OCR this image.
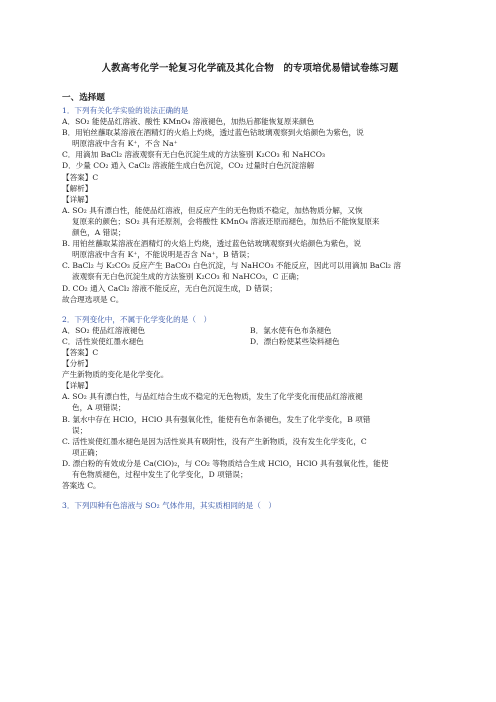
人教高考化学一轮复习化学硫及其化合物　的专项培优易错试卷练习题
一、选择题
1．下列有关化学实验的说法正确的是
A．SO₂ 能使品红溶液、酸性 KMnO₄ 溶液褪色，加热后都能恢复原来颜色
B．用铂丝蘸取某溶液在酒精灯的火焰上灼烧，透过蓝色钴玻璃观察到火焰颜色为紫色，说
明原溶液中含有 K⁺，不含 Na⁺
C．用滴加 BaCl₂ 溶液观察有无白色沉淀生成的方法鉴别 K₂CO₃ 和 NaHCO₃
D．少量 CO₂ 通入 CaCl₂ 溶液能生成白色沉淀，CO₂ 过量时白色沉淀溶解
【答案】C
【解析】
【详解】
A. SO₂ 具有漂白性，能使品红溶液，但反应产生的无色物质不稳定，加热物质分解，又恢
复原来的颜色；SO₂ 具有还原剂，会将酸性 KMnO₄ 溶液还原而褪色，加热后不能恢复原来
颜色，A 错误；
B. 用铂丝蘸取某溶液在酒精灯的火焰上灼烧，透过蓝色钴玻璃观察到火焰颜色为紫色，说
明原溶液中含有 K⁺，不能说明是否含 Na⁺，B 错误；
C. BaCl₂ 与 K₂CO₃ 反应产生 BaCO₃ 白色沉淀，与 NaHCO₃ 不能反应，因此可以用滴加 BaCl₂ 溶
液观察有无白色沉淀生成的方法鉴别 K₂CO₃ 和 NaHCO₃，C 正确；
D. CO₂ 通入 CaCl₂ 溶液不能反应，无白色沉淀生成，D 错误；
故合理选项是 C。
2．下列变化中，不属于化学变化的是（　）
A．SO₂ 使品红溶液褪色	B．氯水使有色布条褪色
C．活性炭使红墨水褪色	D．漂白粉使某些染料褪色
【答案】C
【分析】
产生新物质的变化是化学变化。
【详解】
A. SO₂ 具有漂白性，与品红结合生成不稳定的无色物质，发生了化学变化而使品红溶液褪
色，A 项错误；
B. 氯水中存在 HClO，HClO 具有强氧化性，能使有色布条褪色，发生了化学变化，B 项错
误；
C. 活性炭使红墨水褪色是因为活性炭具有吸附性，没有产生新物质，没有发生化学变化，C
项正确；
D. 漂白粉的有效成分是 Ca(ClO)₂，与 CO₂ 等物质结合生成 HClO，HClO 具有强氧化性，能使
有色物质褪色，过程中发生了化学变化，D 项错误；
答案选 C。
3．下列四种有色溶液与 SO₂ 气体作用，其实质相同的是（　）
